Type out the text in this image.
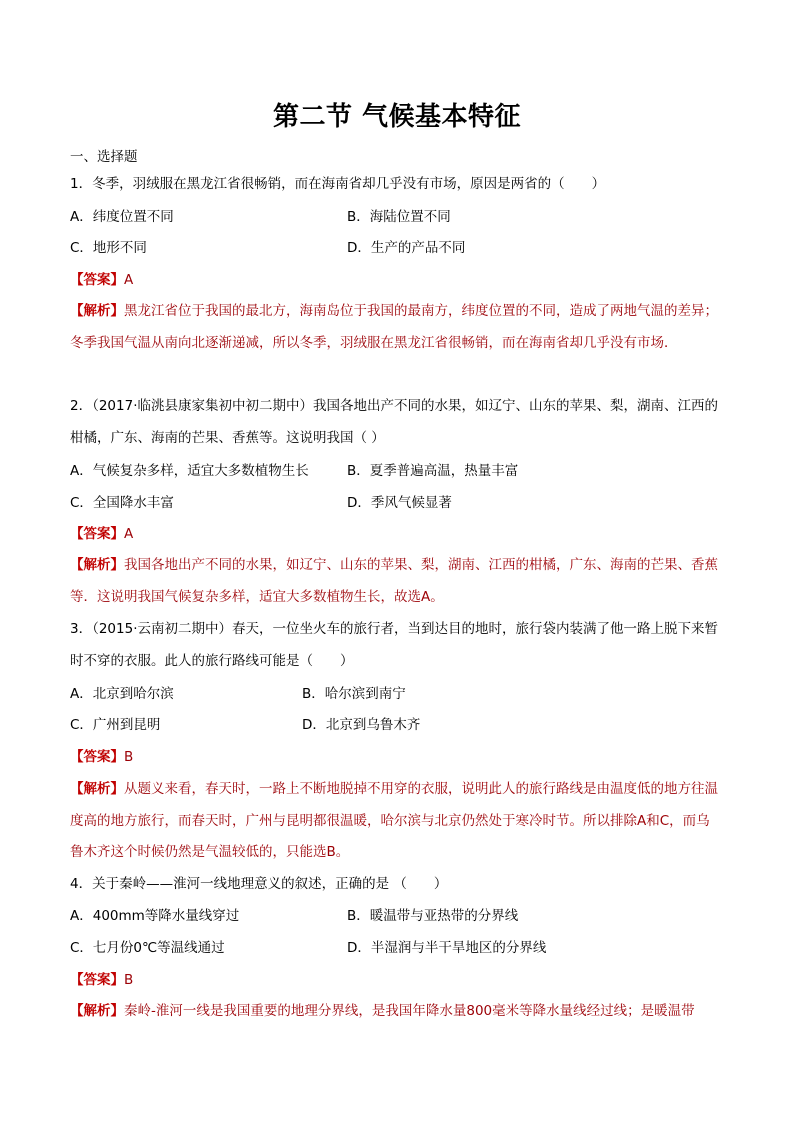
第二节 气候基本特征
一、选择题
1．冬季，羽绒服在黑龙江省很畅销，而在海南省却几乎没有市场，原因是两省的（　　）
A．纬度位置不同	B．海陆位置不同
C．地形不同	D．生产的产品不同
【答案】A
【解析】黑龙江省位于我国的最北方，海南岛位于我国的最南方，纬度位置的不同，造成了两地气温的差异；冬季我国气温从南向北逐渐递减，所以冬季，羽绒服在黑龙江省很畅销，而在海南省却几乎没有市场．
2．（2017·临洮县康家集初中初二期中）我国各地出产不同的水果，如辽宁、山东的苹果、梨，湖南、江西的柑橘，广东、海南的芒果、香蕉等。这说明我国（ ）
A．气候复杂多样，适宜大多数植物生长	B．夏季普遍高温，热量丰富
C．全国降水丰富	D．季风气候显著
【答案】A
【解析】我国各地出产不同的水果，如辽宁、山东的苹果、梨，湖南、江西的柑橘，广东、海南的芒果、香蕉等．这说明我国气候复杂多样，适宜大多数植物生长，故选A。
3．（2015·云南初二期中）春天，一位坐火车的旅行者，当到达目的地时，旅行袋内装满了他一路上脱下来暂时不穿的衣服。此人的旅行路线可能是（　　）
A．北京到哈尔滨	B．哈尔滨到南宁
C．广州到昆明	D．北京到乌鲁木齐
【答案】B
【解析】从题义来看，春天时，一路上不断地脱掉不用穿的衣服，说明此人的旅行路线是由温度低的地方往温度高的地方旅行，而春天时，广州与昆明都很温暖，哈尔滨与北京仍然处于寒冷时节。所以排除A和C，而乌鲁木齐这个时候仍然是气温较低的，只能选B。
4．关于秦岭——淮河一线地理意义的叙述，正确的是 （　　）
A．400mm等降水量线穿过	B．暖温带与亚热带的分界线
C．七月份0℃等温线通过	D．半湿润与半干旱地区的分界线
【答案】B
【解析】秦岭-淮河一线是我国重要的地理分界线，是我国年降水量800毫米等降水量线经过线；是暖温带
